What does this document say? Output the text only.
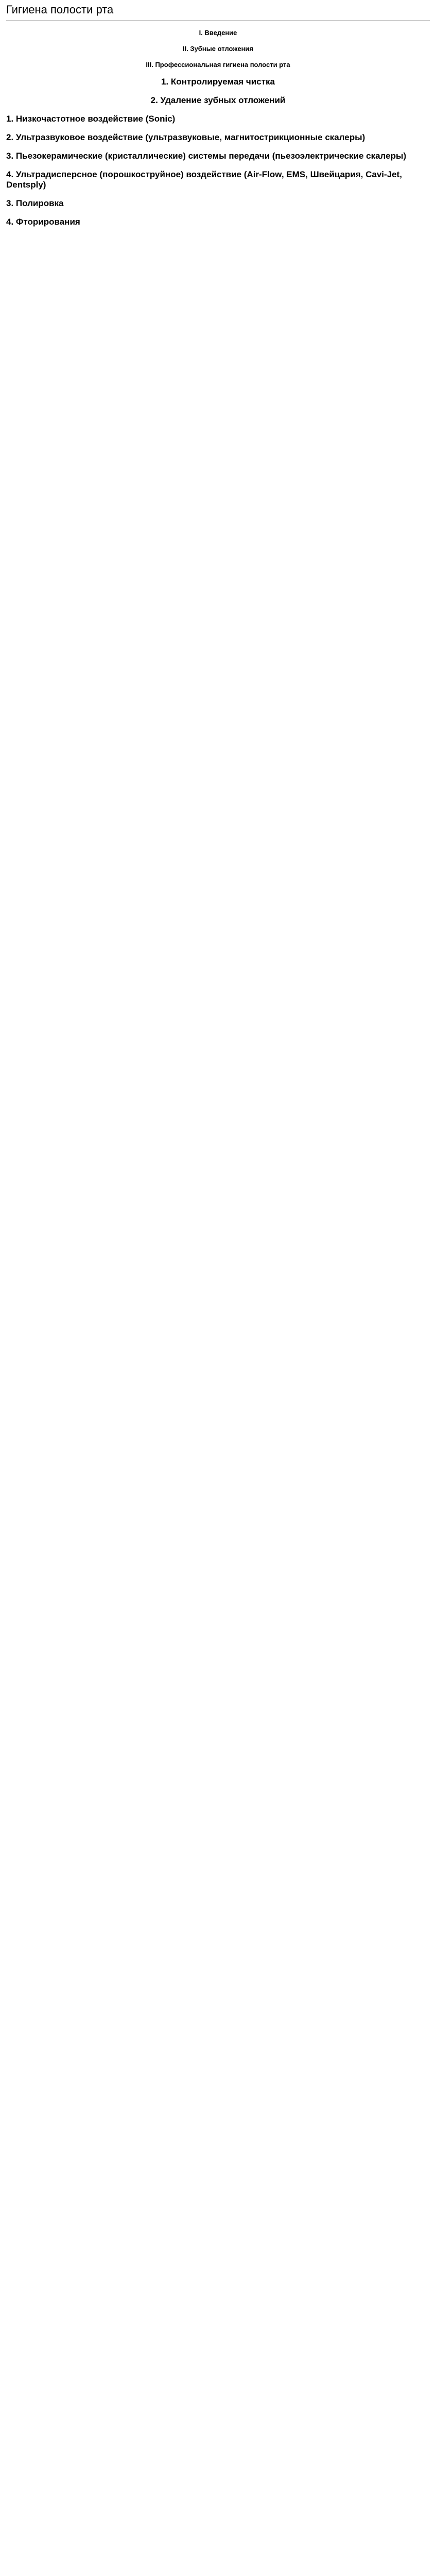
Гигиена полости рта
I. Введение
II. Зубные отложения
III. Профессиональная гигиена полости рта
1. Контролируемая чистка
2. Удаление зубных отложений
1. Низкочастотное воздействие (Sonic)
2. Ультразвуковое воздействие (ультразвуковые, магнитострикционные скалеры)
3. Пьезокерамические (кристаллические) системы передачи (пьезоэлектрические скалеры)
4. Ультрадисперсное (порошкоструйное) воздействие (Air-Flow, EMS, Швейцария, Cavi-Jet, Dentsply)
3. Полировка
4. Фторирования
